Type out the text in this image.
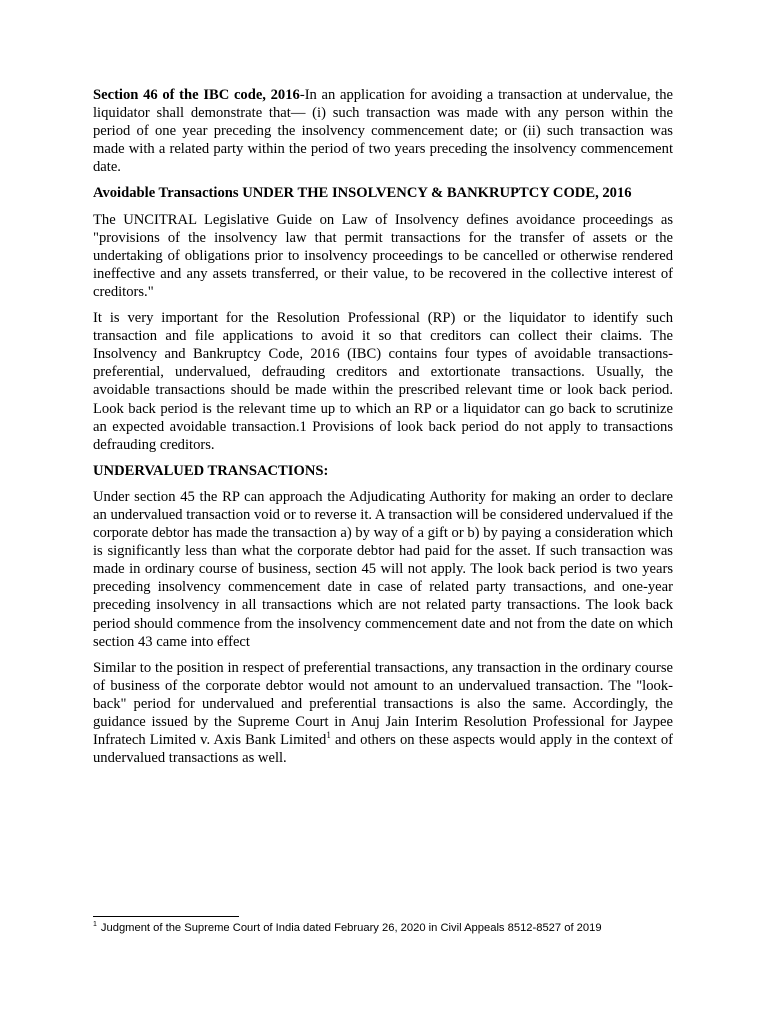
Section 46 of the IBC code, 2016-In an application for avoiding a transaction at undervalue, the liquidator shall demonstrate that— (i) such transaction was made with any person within the period of one year preceding the insolvency commencement date; or (ii) such transaction was made with a related party within the period of two years preceding the insolvency commencement date.

Avoidable Transactions UNDER THE INSOLVENCY & BANKRUPTCY CODE, 2016

The UNCITRAL Legislative Guide on Law of Insolvency defines avoidance proceedings as "provisions of the insolvency law that permit transactions for the transfer of assets or the undertaking of obligations prior to insolvency proceedings to be cancelled or otherwise rendered ineffective and any assets transferred, or their value, to be recovered in the collective interest of creditors."

It is very important for the Resolution Professional (RP) or the liquidator to identify such transaction and file applications to avoid it so that creditors can collect their claims. The Insolvency and Bankruptcy Code, 2016 (IBC) contains four types of avoidable transactions-preferential, undervalued, defrauding creditors and extortionate transactions. Usually, the avoidable transactions should be made within the prescribed relevant time or look back period. Look back period is the relevant time up to which an RP or a liquidator can go back to scrutinize an expected avoidable transaction.1 Provisions of look back period do not apply to transactions defrauding creditors.

UNDERVALUED TRANSACTIONS:

Under section 45 the RP can approach the Adjudicating Authority for making an order to declare an undervalued transaction void or to reverse it. A transaction will be considered undervalued if the corporate debtor has made the transaction a) by way of a gift or b) by paying a consideration which is significantly less than what the corporate debtor had paid for the asset. If such transaction was made in ordinary course of business, section 45 will not apply. The look back period is two years preceding insolvency commencement date in case of related party transactions, and one-year preceding insolvency in all transactions which are not related party transactions. The look back period should commence from the insolvency commencement date and not from the date on which section 43 came into effect

Similar to the position in respect of preferential transactions, any transaction in the ordinary course of business of the corporate debtor would not amount to an undervalued transaction. The "look-back" period for undervalued and preferential transactions is also the same. Accordingly, the guidance issued by the Supreme Court in Anuj Jain Interim Resolution Professional for Jaypee Infratech Limited v. Axis Bank Limited$^1$ and others on these aspects would apply in the context of undervalued transactions as well.

$^1$ Judgment of the Supreme Court of India dated February 26, 2020 in Civil Appeals 8512-8527 of 2019
